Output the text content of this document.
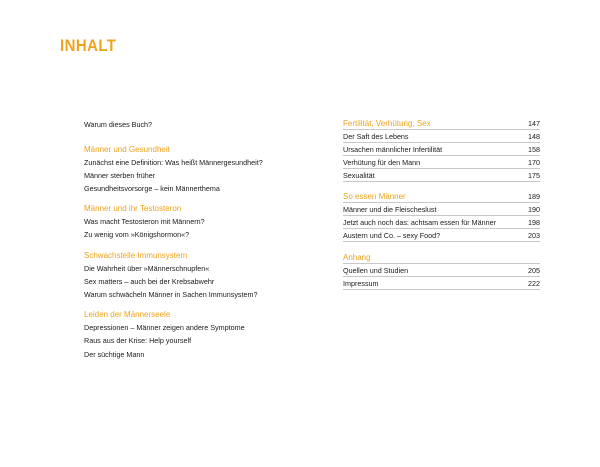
INHALT
Warum dieses Buch?
Männer und Gesundheit
Zunächst eine Definition: Was heißt Männergesundheit?
Männer sterben früher
Gesundheitsvorsorge – kein Männerthema
Männer und ihr Testosteron
Was macht Testosteron mit Männern?
Zu wenig vom »Königshormon«?
Schwachstelle Immunsystem
Die Wahrheit über »Männerschnupfen«
Sex matters – auch bei der Krebsabwehr
Warum schwächeln Männer in Sachen Immunsystem?
Leiden der Männerseele
Depressionen – Männer zeigen andere Symptome
Raus aus der Krise: Help yourself
Der süchtige Mann
147
Fertilität, Verhütung, Sex
148
Der Saft des Lebens
158
Ursachen männlicher Infertilität
170
Verhütung für den Mann
175
Sexualität
189
So essen Männer
190
Männer und die Fleischeslust
198
Jetzt auch noch das: achtsam essen für Männer
203
Austern und Co. – sexy Food?
Anhang
205
Quellen und Studien
222
Impressum
